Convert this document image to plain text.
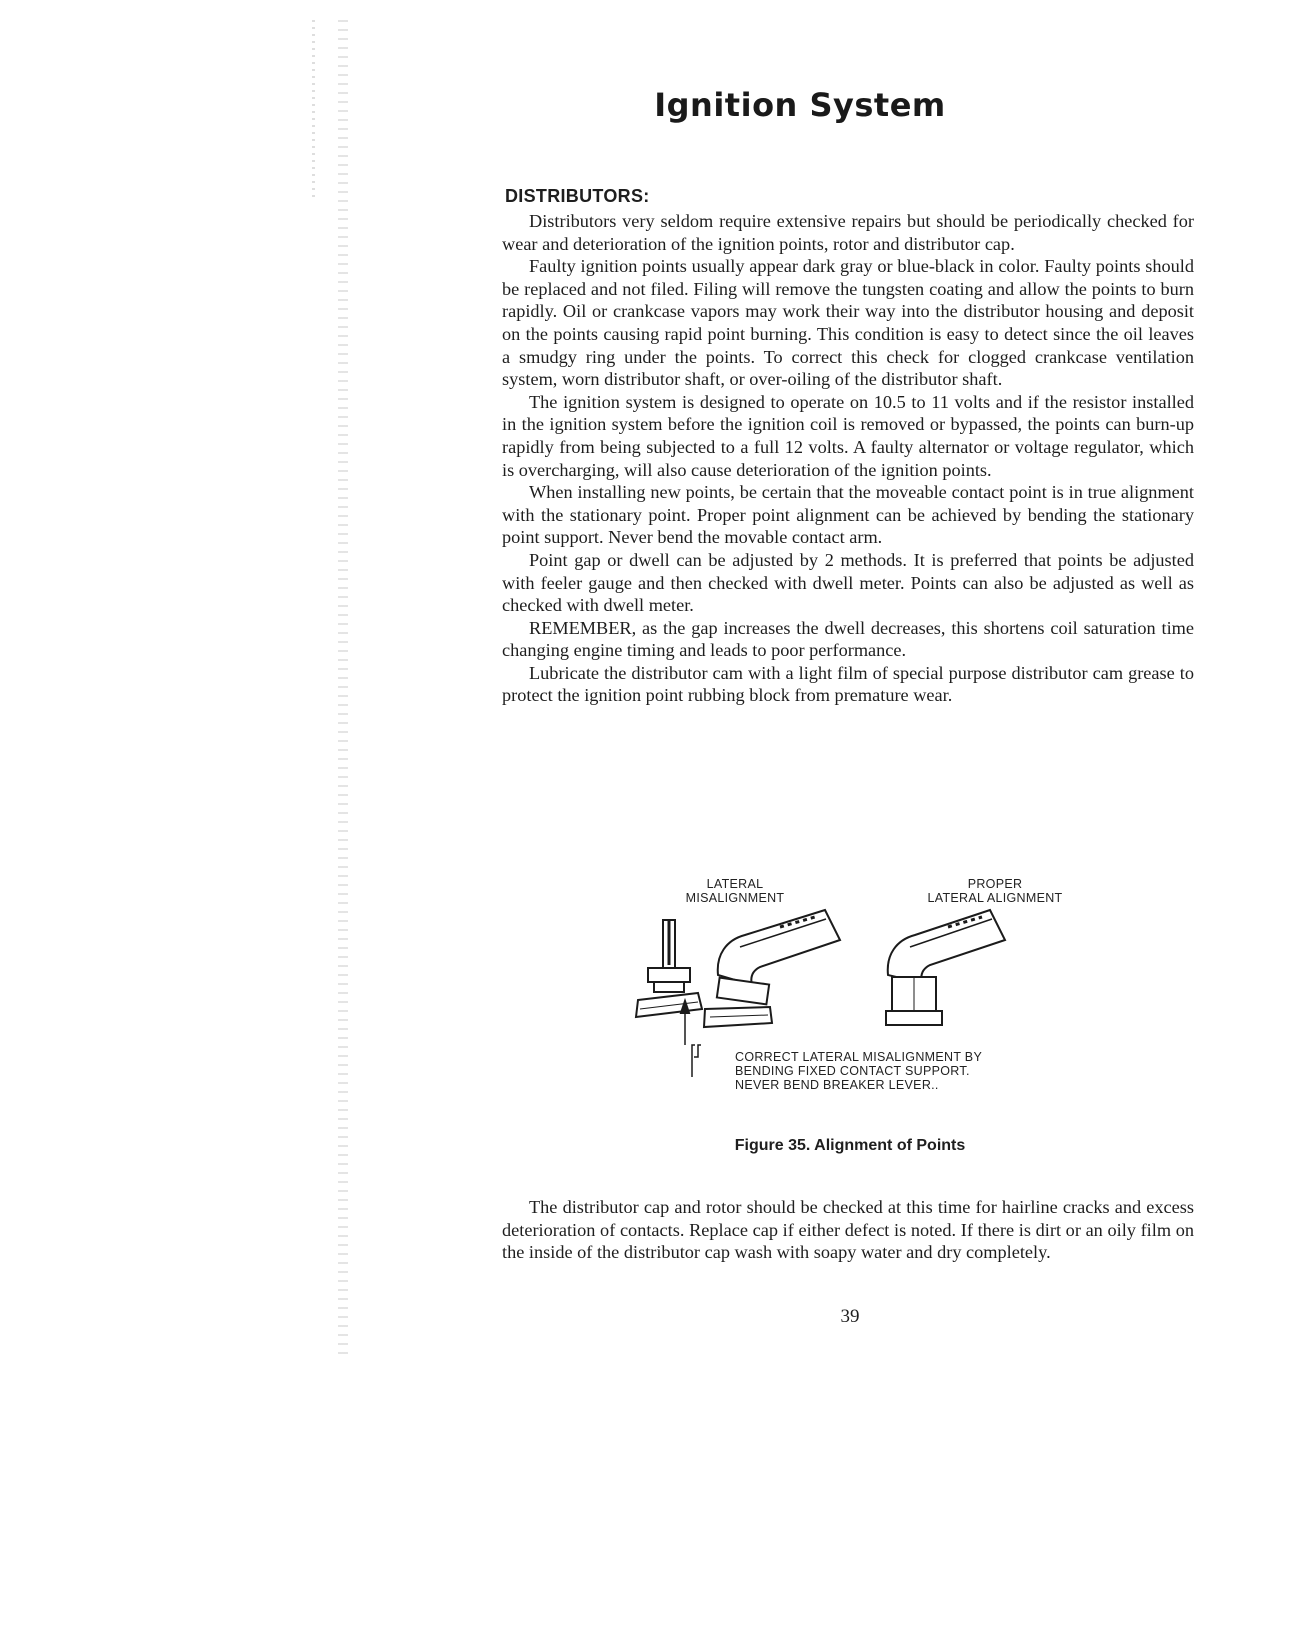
Ignition System
DISTRIBUTORS:

Distributors very seldom require extensive repairs but should be periodically checked for wear and deterioration of the ignition points, rotor and distributor cap.

Faulty ignition points usually appear dark gray or blue-black in color. Faulty points should be replaced and not filed. Filing will remove the tungsten coating and allow the points to burn rapidly. Oil or crankcase vapors may work their way into the distributor housing and deposit on the points causing rapid point burning. This condition is easy to detect since the oil leaves a smudgy ring under the points. To correct this check for clogged crankcase ventilation system, worn distributor shaft, or over-oiling of the distributor shaft.

The ignition system is designed to operate on 10.5 to 11 volts and if the resistor installed in the ignition system before the ignition coil is removed or bypassed, the points can burn-up rapidly from being subjected to a full 12 volts. A faulty alternator or voltage regulator, which is overcharging, will also cause deterioration of the ignition points.

When installing new points, be certain that the moveable contact point is in true alignment with the stationary point. Proper point alignment can be achieved by bending the stationary point support. Never bend the movable contact arm.

Point gap or dwell can be adjusted by 2 methods. It is preferred that points be adjusted with feeler gauge and then checked with dwell meter. Points can also be adjusted as well as checked with dwell meter.

REMEMBER, as the gap increases the dwell decreases, this shortens coil saturation time changing engine timing and leads to poor performance.

Lubricate the distributor cam with a light film of special purpose distributor cam grease to protect the ignition point rubbing block from premature wear.

LATERAL
MISALIGNMENT
PROPER
LATERAL ALIGNMENT
CORRECT LATERAL MISALIGNMENT BY
BENDING FIXED CONTACT SUPPORT.
NEVER BEND BREAKER LEVER..
Figure 35. Alignment of Points

The distributor cap and rotor should be checked at this time for hairline cracks and excess deterioration of contacts. Replace cap if either defect is noted. If there is dirt or an oily film on the inside of the distributor cap wash with soapy water and dry completely.

39
